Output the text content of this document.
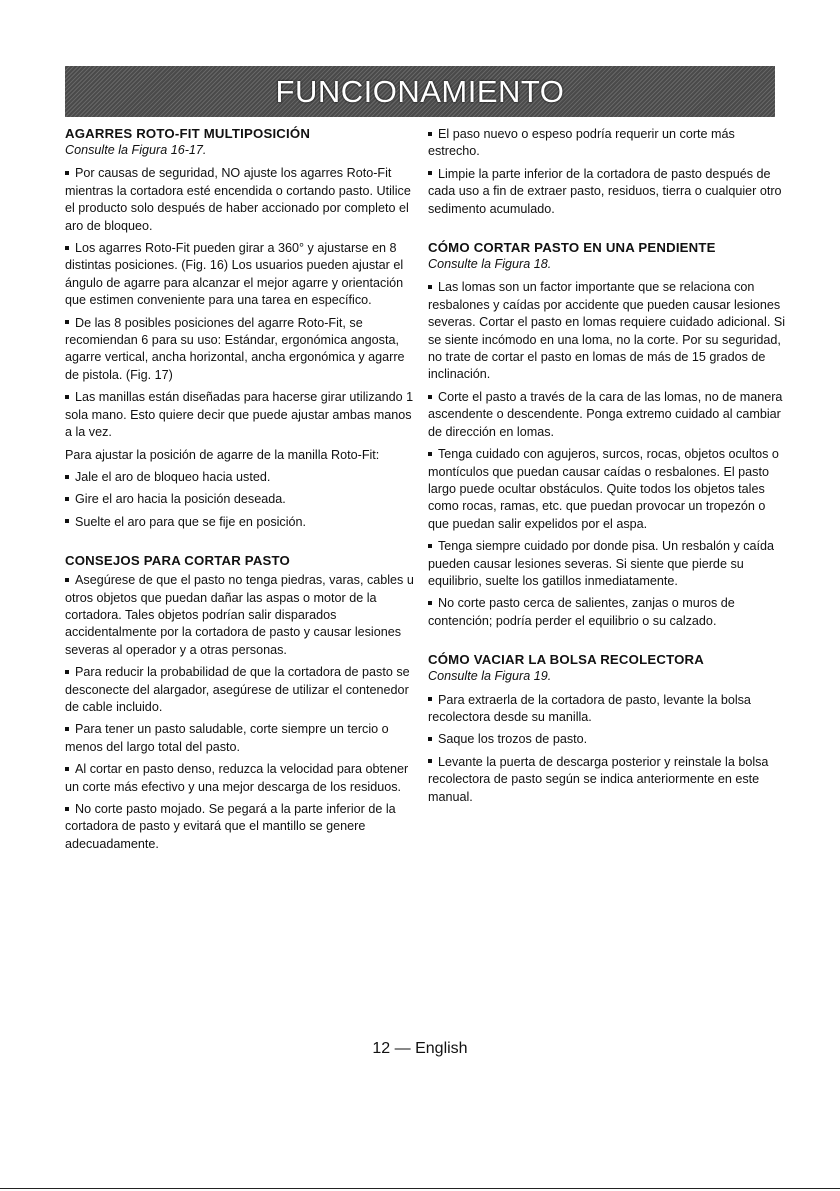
FUNCIONAMIENTO
AGARRES ROTO-FIT MULTIPOSICIÓN
Consulte la Figura 16-17.

Por causas de seguridad, NO ajuste los agarres Roto-Fit mientras la cortadora esté encendida o cortando pasto. Utilice el producto solo después de haber accionado por completo el aro de bloqueo.

Los agarres Roto-Fit pueden girar a 360° y ajustarse en 8 distintas posiciones. (Fig. 16) Los usuarios pueden ajustar el ángulo de agarre para alcanzar el mejor agarre y orientación que estimen conveniente para una tarea en específico.

De las 8 posibles posiciones del agarre Roto-Fit, se recomiendan 6 para su uso: Estándar, ergonómica angosta, agarre vertical, ancha horizontal, ancha ergonómica y agarre de pistola. (Fig. 17)

Las manillas están diseñadas para hacerse girar utilizando 1 sola mano. Esto quiere decir que puede ajustar ambas manos a la vez.

Para ajustar la posición de agarre de la manilla Roto-Fit:

Jale el aro de bloqueo hacia usted.

Gire el aro hacia la posición deseada.

Suelte el aro para que se fije en posición.

CONSEJOS PARA CORTAR PASTO

Asegúrese de que el pasto no tenga piedras, varas, cables u otros objetos que puedan dañar las aspas o motor de la cortadora. Tales objetos podrían salir disparados accidentalmente por la cortadora de pasto y causar lesiones severas al operador y a otras personas.

Para reducir la probabilidad de que la cortadora de pasto se desconecte del alargador, asegúrese de utilizar el contenedor de cable incluido.

Para tener un pasto saludable, corte siempre un tercio o menos del largo total del pasto.

Al cortar en pasto denso, reduzca la velocidad para obtener un corte más efectivo y una mejor descarga de los residuos.

No corte pasto mojado. Se pegará a la parte inferior de la cortadora de pasto y evitará que el mantillo se genere adecuadamente.

El paso nuevo o espeso podría requerir un corte más estrecho.

Limpie la parte inferior de la cortadora de pasto después de cada uso a fin de extraer pasto, residuos, tierra o cualquier otro sedimento acumulado.

CÓMO CORTAR PASTO EN UNA PENDIENTE
Consulte la Figura 18.

Las lomas son un factor importante que se relaciona con resbalones y caídas por accidente que pueden causar lesiones severas. Cortar el pasto en lomas requiere cuidado adicional. Si se siente incómodo en una loma, no la corte. Por su seguridad, no trate de cortar el pasto en lomas de más de 15 grados de inclinación.

Corte el pasto a través de la cara de las lomas, no de manera ascendente o descendente. Ponga extremo cuidado al cambiar de dirección en lomas.

Tenga cuidado con agujeros, surcos, rocas, objetos ocultos o montículos que puedan causar caídas o resbalones. El pasto largo puede ocultar obstáculos. Quite todos los objetos tales como rocas, ramas, etc. que puedan provocar un tropezón o que puedan salir expelidos por el aspa.

Tenga siempre cuidado por donde pisa. Un resbalón y caída pueden causar lesiones severas. Si siente que pierde su equilibrio, suelte los gatillos inmediatamente.

No corte pasto cerca de salientes, zanjas o muros de contención; podría perder el equilibrio o su calzado.

CÓMO VACIAR LA BOLSA RECOLECTORA
Consulte la Figura 19.

Para extraerla de la cortadora de pasto, levante la bolsa recolectora desde su manilla.

Saque los trozos de pasto.

Levante la puerta de descarga posterior y reinstale la bolsa recolectora de pasto según se indica anteriormente en este manual.

12 — English
